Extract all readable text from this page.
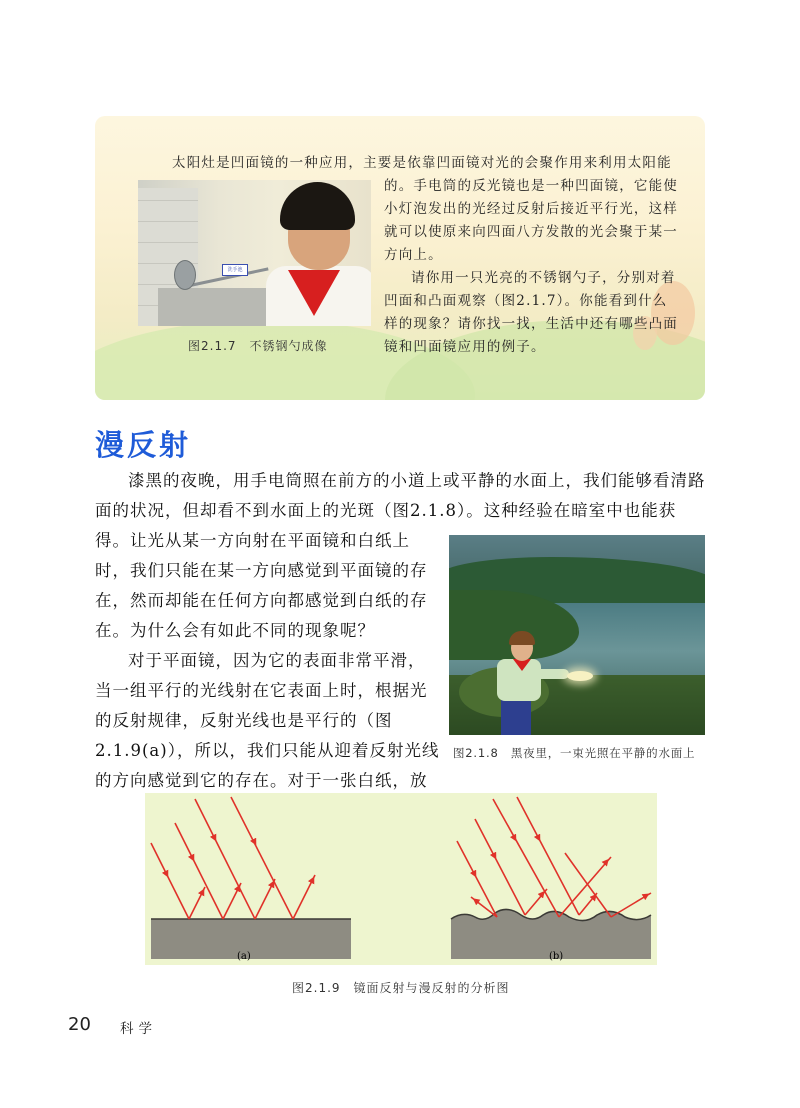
太阳灶是凹面镜的一种应用，主要是依靠凹面镜对光的会聚作用来利用太阳能
的。手电筒的反光镜也是一种凹面镜，它能使小灯泡发出的光经过反射后接近平行光，这样就可以使原来向四面八方发散的光会聚于某一方向上。
请你用一只光亮的不锈钢勺子，分别对着凹面和凸面观察（图2.1.7）。你能看到什么样的现象？请你找一找，生活中还有哪些凸面镜和凹面镜应用的例子。
洗手池
图2.1.7　不锈钢勺成像
漫反射
漆黑的夜晚，用手电筒照在前方的小道上或平静的水面上，我们能够看清路面的状况，但却看不到水面上的光斑（图2.1.8）。这种经验在暗室中也能获
得。让光从某一方向射在平面镜和白纸上时，我们只能在某一方向感觉到平面镜的存在，然而却能在任何方向都感觉到白纸的存在。为什么会有如此不同的现象呢？
对于平面镜，因为它的表面非常平滑，当一组平行的光线射在它表面上时，根据光的反射规律，反射光线也是平行的（图2.1.9(a)），所以，我们只能从迎着反射光线的方向感觉到它的存在。对于一张白纸，放
图2.1.8　黑夜里，一束光照在平静的水面上
(a)	(b)
图2.1.9　镜面反射与漫反射的分析图
20 科学
